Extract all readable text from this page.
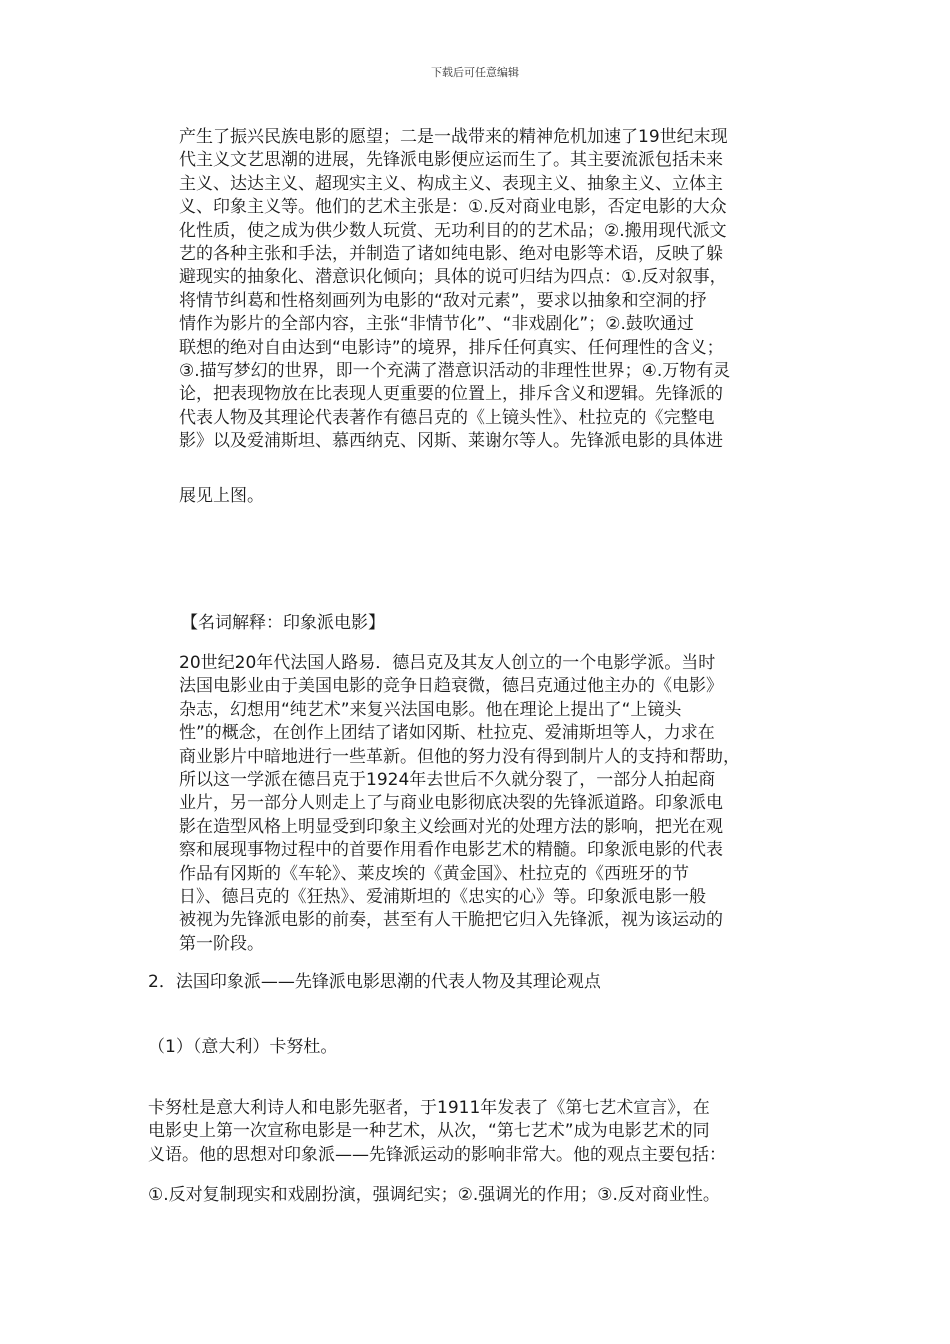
下载后可任意编辑

产生了振兴民族电影的愿望；二是一战带来的精神危机加速了19世纪末现

代主义文艺思潮的进展，先锋派电影便应运而生了。其主要流派包括未来

主义、达达主义、超现实主义、构成主义、表现主义、抽象主义、立体主

义、印象主义等。他们的艺术主张是：①.反对商业电影，否定电影的大众

化性质，使之成为供少数人玩赏、无功利目的的艺术品；②.搬用现代派文

艺的各种主张和手法，并制造了诸如纯电影、绝对电影等术语，反映了躲

避现实的抽象化、潜意识化倾向；具体的说可归结为四点：①.反对叙事，

将情节纠葛和性格刻画列为电影的“敌对元素”，要求以抽象和空洞的抒

情作为影片的全部内容，主张“非情节化”、“非戏剧化”；②.鼓吹通过

联想的绝对自由达到“电影诗”的境界，排斥任何真实、任何理性的含义；

③.描写梦幻的世界，即一个充满了潜意识活动的非理性世界；④.万物有灵

论，把表现物放在比表现人更重要的位置上，排斥含义和逻辑。先锋派的

代表人物及其理论代表著作有德吕克的《上镜头性》、杜拉克的《完整电

影》以及爱浦斯坦、慕西纳克、冈斯、莱谢尔等人。先锋派电影的具体进

展见上图。
【名词解释：印象派电影】

20世纪20年代法国人路易．德吕克及其友人创立的一个电影学派。当时

法国电影业由于美国电影的竞争日趋衰微，德吕克通过他主办的《电影》

杂志，幻想用“纯艺术”来复兴法国电影。他在理论上提出了“上镜头

性”的概念，在创作上团结了诸如冈斯、杜拉克、爱浦斯坦等人，力求在

商业影片中暗地进行一些革新。但他的努力没有得到制片人的支持和帮助，

所以这一学派在德吕克于1924年去世后不久就分裂了，一部分人拍起商

业片，另一部分人则走上了与商业电影彻底决裂的先锋派道路。印象派电

影在造型风格上明显受到印象主义绘画对光的处理方法的影响，把光在观

察和展现事物过程中的首要作用看作电影艺术的精髓。印象派电影的代表

作品有冈斯的《车轮》、莱皮埃的《黄金国》、杜拉克的《西班牙的节

日》、德吕克的《狂热》、爱浦斯坦的《忠实的心》等。印象派电影一般

被视为先锋派电影的前奏，甚至有人干脆把它归入先锋派，视为该运动的

第一阶段。

2．法国印象派——先锋派电影思潮的代表人物及其理论观点
（1）（意大利）卡努杜。

卡努杜是意大利诗人和电影先驱者，于1911年发表了《第七艺术宣言》，在

电影史上第一次宣称电影是一种艺术，从次，“第七艺术”成为电影艺术的同

义语。他的思想对印象派——先锋派运动的影响非常大。他的观点主要包括：

①.反对复制现实和戏剧扮演，强调纪实；②.强调光的作用；③.反对商业性。
